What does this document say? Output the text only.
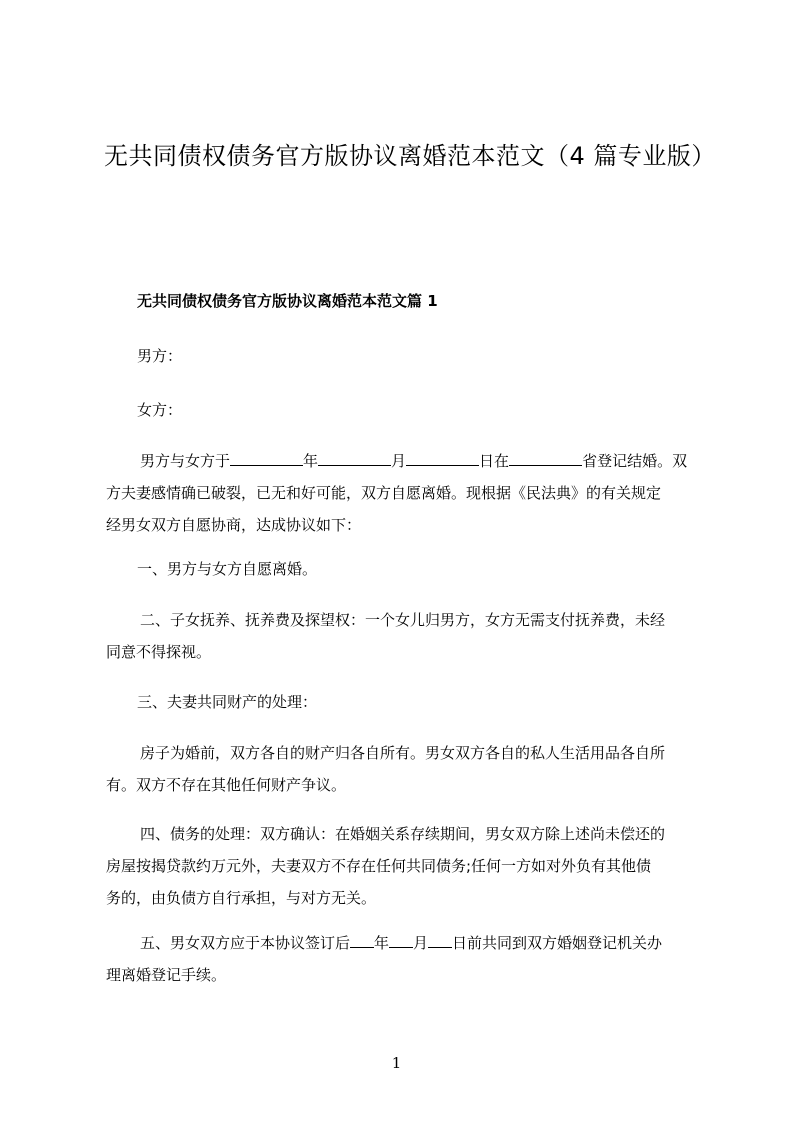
无共同债权债务官方版协议离婚范本范文（4 篇专业版）
无共同债权债务官方版协议离婚范本范文篇 1
男方：
女方：
男方与女方于	年	月	日在	省登记结婚。双
方夫妻感情确已破裂，已无和好可能，双方自愿离婚。现根据《民法典》的有关规定
经男女双方自愿协商，达成协议如下：
一、男方与女方自愿离婚。
二、子女抚养、抚养费及探望权：一个女儿归男方，女方无需支付抚养费，未经
同意不得探视。
三、夫妻共同财产的处理：
房子为婚前，双方各自的财产归各自所有。男女双方各自的私人生活用品各自所
有。双方不存在其他任何财产争议。
四、债务的处理：双方确认：在婚姻关系存续期间，男女双方除上述尚未偿还的
房屋按揭贷款约万元外，夫妻双方不存在任何共同债务;任何一方如对外负有其他债
务的，由负债方自行承担，与对方无关。
五、男女双方应于本协议签订后 年 月 日前共同到双方婚姻登记机关办
理离婚登记手续。
1
